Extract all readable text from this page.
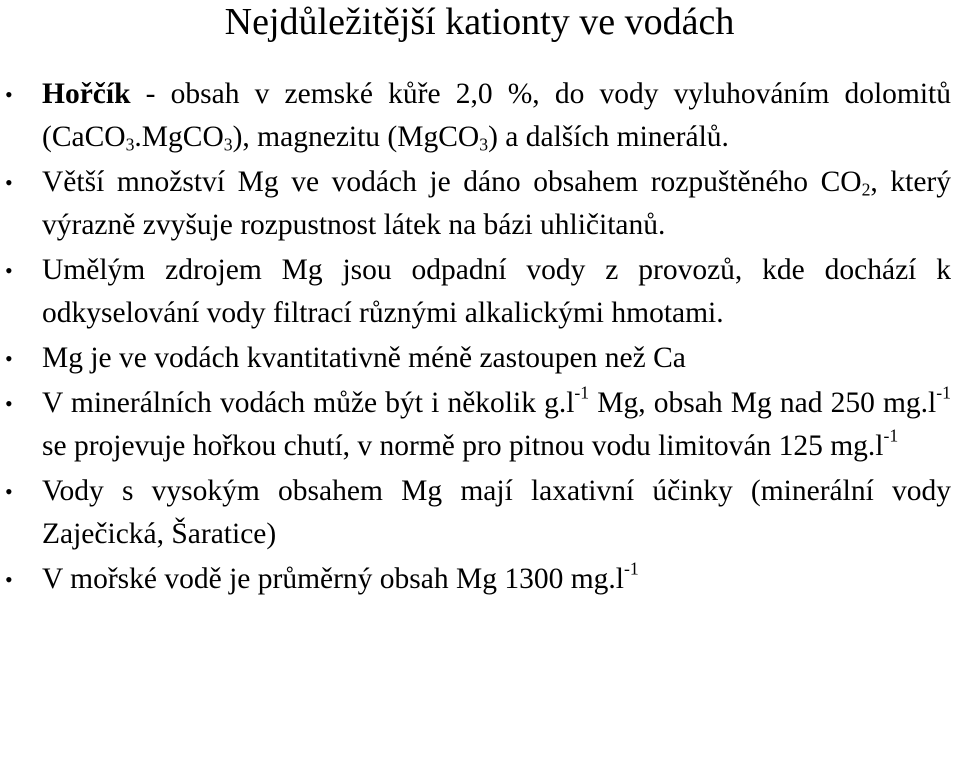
Nejdůležitější kationty ve vodách
• Hořčík - obsah v zemské kůře 2,0 %, do vody vyluhováním dolomitů (CaCO$_3$.MgCO$_3$), magnezitu (MgCO$_3$) a dalších minerálů.
• Větší množství Mg ve vodách je dáno obsahem rozpuštěného $CO_2$, který výrazně zvyšuje rozpustnost látek na bázi uhličitanů.
• Umělým zdrojem Mg jsou odpadní vody z provozů, kde dochází k odkyselování vody filtrací různými alkalickými hmotami.
• Mg je ve vodách kvantitativně méně zastoupen než Ca
• V minerálních vodách může být i několik $g.l^{-1}$ Mg, obsah Mg nad 250 $mg.l^{-1}$ se projevuje hořkou chutí, v normě pro pitnou vodu limitován 125 $mg.l^{-1}$
• Vody s vysokým obsahem Mg mají laxativní účinky (minerální vody Zaječická, Šaratice)
• V mořské vodě je průměrný obsah Mg 1300 $mg.l^{-1}$
